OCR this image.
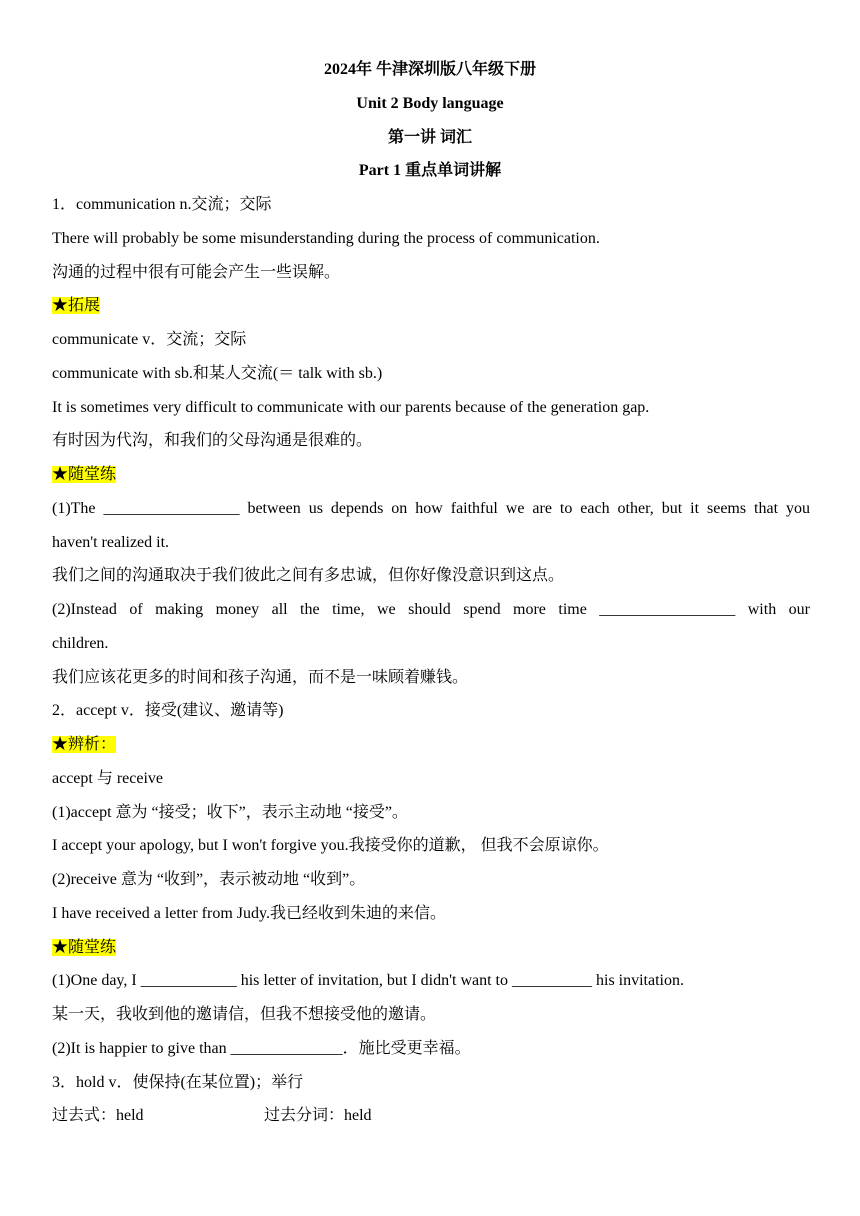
2024年 牛津深圳版八年级下册
Unit 2 Body language
第一讲 词汇
Part 1 重点单词讲解
1．communication n.交流；交际
There will probably be some misunderstanding during the process of communication.
沟通的过程中很有可能会产生一些误解。
★拓展
communicate v．交流；交际
communicate with sb.和某人交流(＝ talk with sb.)
It is sometimes very difficult to communicate with our parents because of the generation gap.
有时因为代沟，和我们的父母沟通是很难的。
★随堂练
(1)The _________________ between us depends on how faithful we are to each other, but it seems that you
haven't realized it.
我们之间的沟通取决于我们彼此之间有多忠诚，但你好像没意识到这点。
(2)Instead of making money all the time, we should spend more time _________________ with our
children.
我们应该花更多的时间和孩子沟通，而不是一味顾着赚钱。
2．accept v．接受(建议、邀请等)
★辨析：
accept 与 receive
(1)accept 意为 “接受；收下”，表示主动地 “接受”。
I accept your apology, but I won't forgive you.我接受你的道歉， 但我不会原谅你。
(2)receive 意为 “收到”，表示被动地 “收到”。
I have received a letter from Judy.我已经收到朱迪的来信。
★随堂练
(1)One day, I ____________ his letter of invitation, but I didn't want to __________ his invitation.
某一天，我收到他的邀请信，但我不想接受他的邀请。
(2)It is happier to give than ______________．施比受更幸福。
3．hold v．使保持(在某位置)；举行
过去式：held	过去分词：held
